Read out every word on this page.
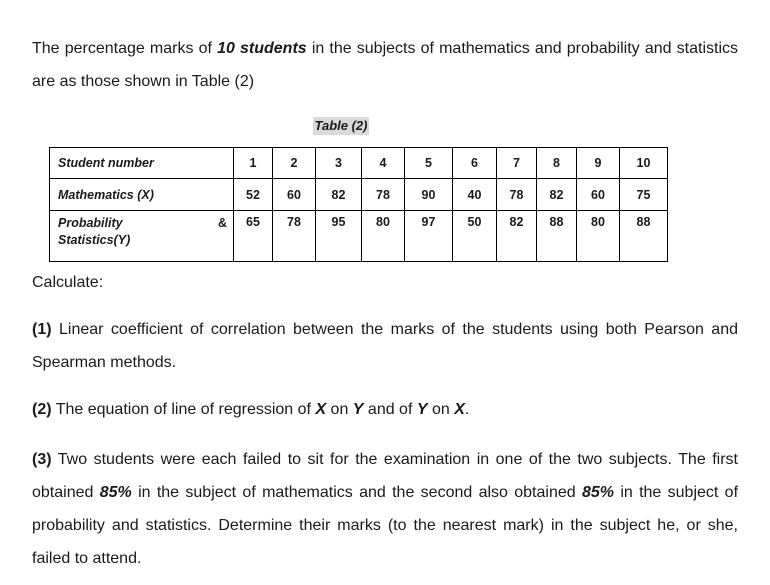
The percentage marks of 10 students in the subjects of mathematics and probability and statistics are as those shown in Table (2)

Table (2)
Student number	1	2	3	4	5	6	7	8	9	10
Mathematics (X)	52	60	82	78	90	40	78	82	60	75

Probability &
Statistics(Y)	65	78	95	80	97	50	82	88	80	88

Calculate:

(1) Linear coefficient of correlation between the marks of the students using both Pearson and Spearman methods.

(2) The equation of line of regression of X on Y and of Y on X.

(3) Two students were each failed to sit for the examination in one of the two subjects. The first obtained 85% in the subject of mathematics and the second also obtained 85% in the subject of probability and statistics. Determine their marks (to the nearest mark) in the subject he, or she, failed to attend.
